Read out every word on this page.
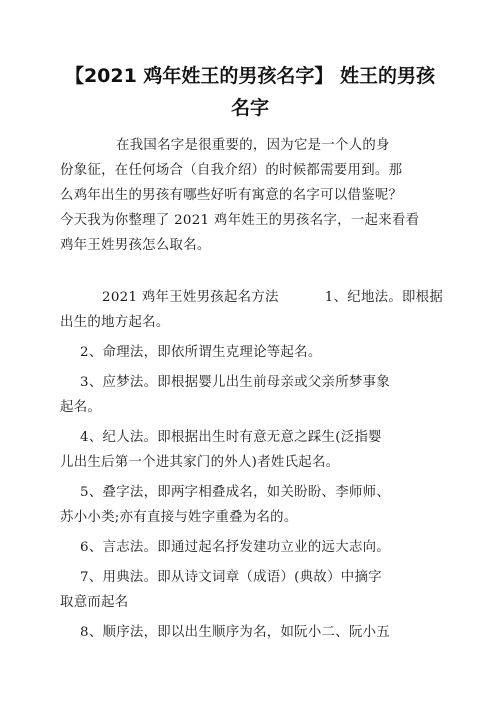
【2021 鸡年姓王的男孩名字】 姓王的男孩
名字
在我国名字是很重要的，因为它是一个人的身
份象征，在任何场合（自我介绍）的时候都需要用到。那
么鸡年出生的男孩有哪些好听有寓意的名字可以借鉴呢？
今天我为你整理了 2021 鸡年姓王的男孩名字，一起来看看
鸡年王姓男孩怎么取名。
2021 鸡年王姓男孩起名方法	1、纪地法。即根据
出生的地方起名。
2、命理法，即依所谓生克理论等起名。
3、应梦法。即根据婴儿出生前母亲或父亲所梦事象
起名。
4、纪人法。即根据出生时有意无意之踩生(泛指婴
儿出生后第一个进其家门的外人)者姓氏起名。
5、叠字法，即两字相叠成名，如关盼盼、李师师、
苏小小类;亦有直接与姓字重叠为名的。
6、言志法。即通过起名抒发建功立业的远大志向。
7、用典法。即从诗文词章（成语）(典故）中摘字
取意而起名
8、顺序法，即以出生顺序为名，如阮小二、阮小五
